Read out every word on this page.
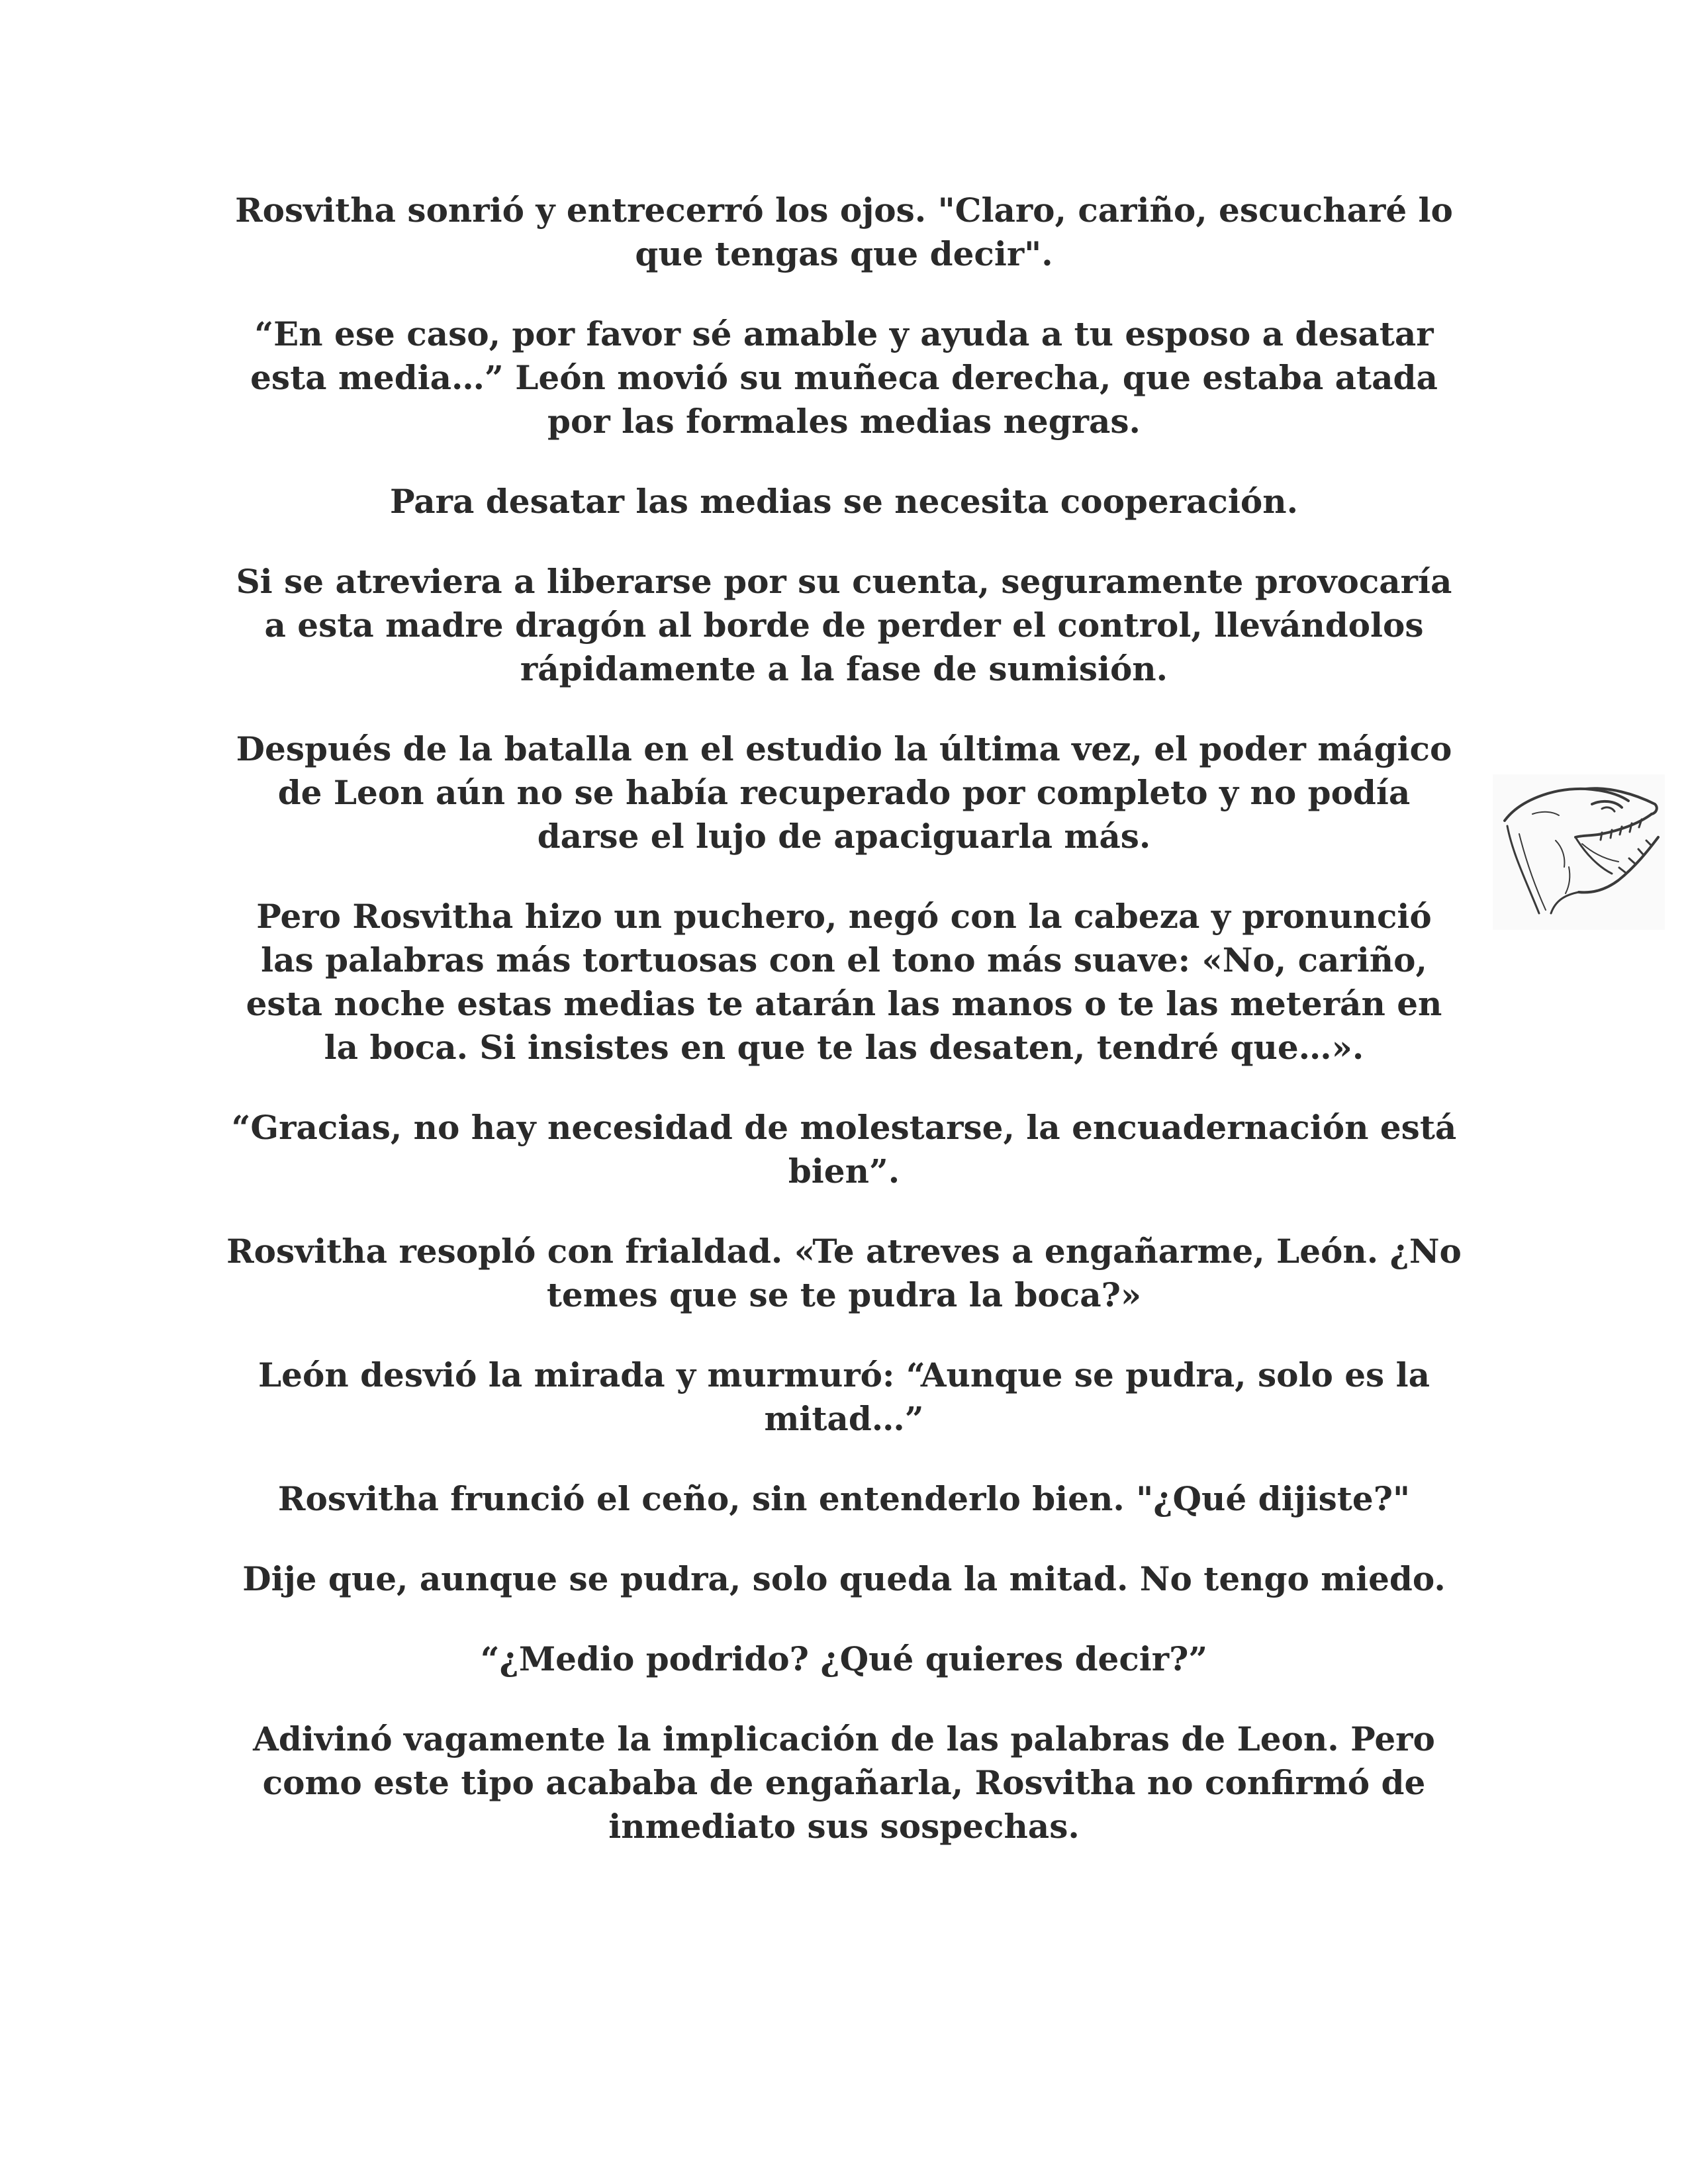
Rosvitha sonrió y entrecerró los ojos. "Claro, cariño, escucharé lo que tengas que decir".

“En ese caso, por favor sé amable y ayuda a tu esposo a desatar esta media…” León movió su muñeca derecha, que estaba atada por las formales medias negras.

Para desatar las medias se necesita cooperación.

Si se atreviera a liberarse por su cuenta, seguramente provocaría a esta madre dragón al borde de perder el control, llevándolos rápidamente a la fase de sumisión.

Después de la batalla en el estudio la última vez, el poder mágico de Leon aún no se había recuperado por completo y no podía darse el lujo de apaciguarla más.

Pero Rosvitha hizo un puchero, negó con la cabeza y pronunció las palabras más tortuosas con el tono más suave: «No, cariño, esta noche estas medias te atarán las manos o te las meterán en la boca. Si insistes en que te las desaten, tendré que…».

“Gracias, no hay necesidad de molestarse, la encuadernación está bien”.

Rosvitha resopló con frialdad. «Te atreves a engañarme, León. ¿No temes que se te pudra la boca?»

León desvió la mirada y murmuró: “Aunque se pudra, solo es la mitad…”

Rosvitha frunció el ceño, sin entenderlo bien. "¿Qué dijiste?"

Dije que, aunque se pudra, solo queda la mitad. No tengo miedo.

“¿Medio podrido? ¿Qué quieres decir?”

Adivinó vagamente la implicación de las palabras de Leon. Pero como este tipo acababa de engañarla, Rosvitha no confirmó de inmediato sus sospechas.
